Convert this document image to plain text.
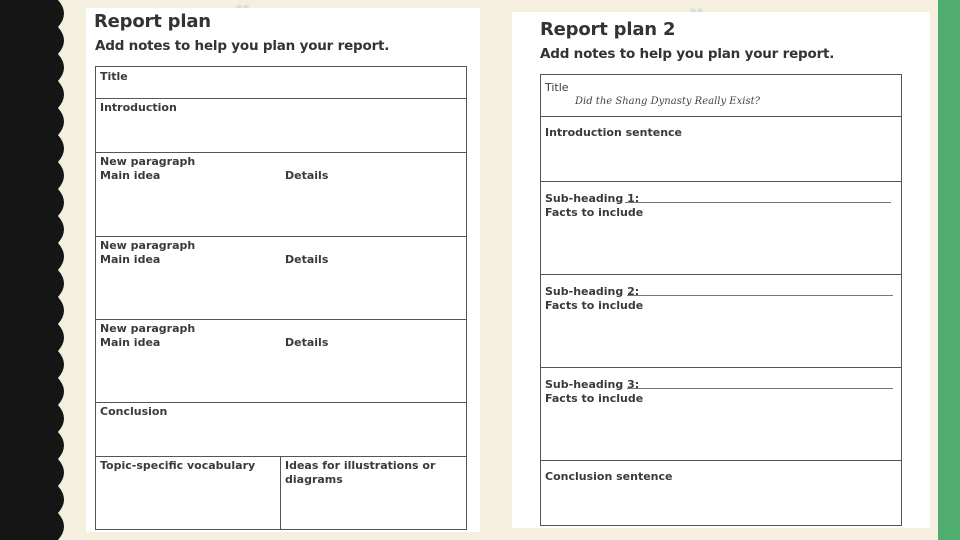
Report plan
Add notes to help you plan your report.
Title
Introduction
New paragraph
Main idea	Details
New paragraph
Main idea	Details
New paragraph
Main idea	Details
Conclusion
Topic-specific vocabulary	Ideas for illustrations or
diagrams
Report plan 2
Add notes to help you plan your report.
Title
Did the Shang Dynasty Really Exist?
Introduction sentence
Sub-heading 1:
Facts to include
Sub-heading 2:
Facts to include
Sub-heading 3:
Facts to include
Conclusion sentence
